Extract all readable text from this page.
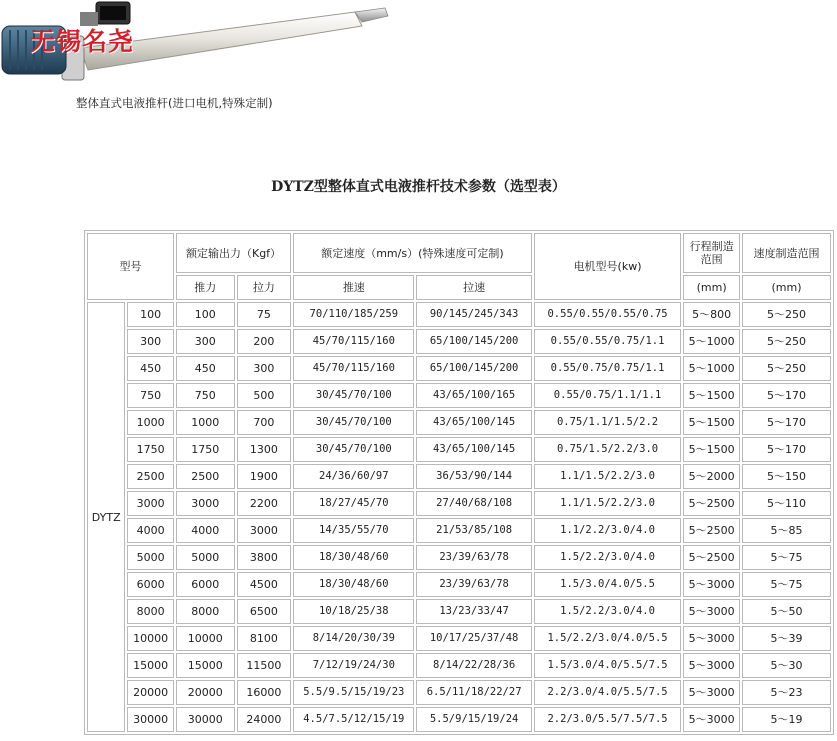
无锡名尧
整体直式电液推杆(进口电机,特殊定制)
DYTZ型整体直式电液推杆技术参数（选型表）
型号		额定输出力（Kgf）		额定速度（mm/s）(特殊速度可定制)		电机型号(kw)	行程制造范围	速度制造范围
		推力	拉力	推速	拉速		(mm)	(mm)
DYTZ	100	100	75	70/110/185/259	90/145/245/343	0.55/0.55/0.55/0.75	5～800	5～250
	300	300	200	45/70/115/160	65/100/145/200	0.55/0.55/0.75/1.1	5～1000	5～250
	450	450	300	45/70/115/160	65/100/145/200	0.55/0.75/0.75/1.1	5～1000	5～250
	750	750	500	30/45/70/100	43/65/100/165	0.55/0.75/1.1/1.1	5～1500	5～170
	1000	1000	700	30/45/70/100	43/65/100/145	0.75/1.1/1.5/2.2	5～1500	5～170
	1750	1750	1300	30/45/70/100	43/65/100/145	0.75/1.5/2.2/3.0	5～1500	5～170
	2500	2500	1900	24/36/60/97	36/53/90/144	1.1/1.5/2.2/3.0	5～2000	5～150
	3000	3000	2200	18/27/45/70	27/40/68/108	1.1/1.5/2.2/3.0	5～2500	5～110
	4000	4000	3000	14/35/55/70	21/53/85/108	1.1/2.2/3.0/4.0	5～2500	5～85
	5000	5000	3800	18/30/48/60	23/39/63/78	1.5/2.2/3.0/4.0	5～2500	5～75
	6000	6000	4500	18/30/48/60	23/39/63/78	1.5/3.0/4.0/5.5	5～3000	5～75
	8000	8000	6500	10/18/25/38	13/23/33/47	1.5/2.2/3.0/4.0	5～3000	5～50
	10000	10000	8100	8/14/20/30/39	10/17/25/37/48	1.5/2.2/3.0/4.0/5.5	5～3000	5～39
	15000	15000	11500	7/12/19/24/30	8/14/22/28/36	1.5/3.0/4.0/5.5/7.5	5～3000	5～30
	20000	20000	16000	5.5/9.5/15/19/23	6.5/11/18/22/27	2.2/3.0/4.0/5.5/7.5	5～3000	5～23
	30000	30000	24000	4.5/7.5/12/15/19	5.5/9/15/19/24	2.2/3.0/5.5/7.5/7.5	5～3000	5～19
